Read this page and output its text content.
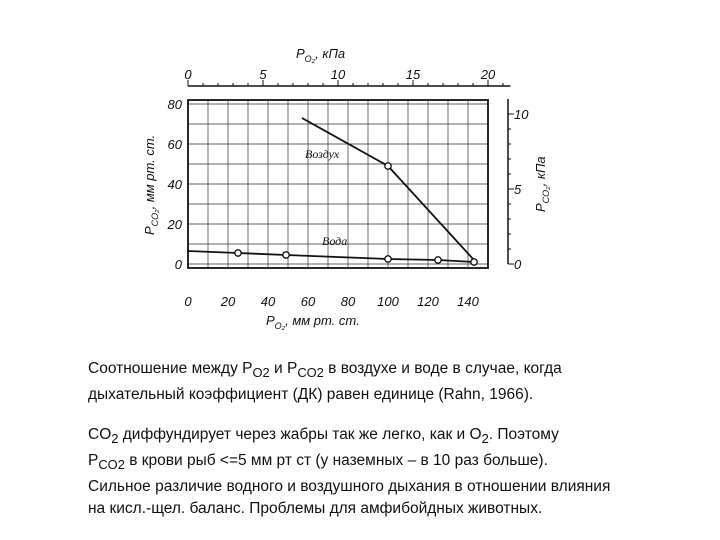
0	5	10	15	20
$P_{O_2}$, кПа
0 20 40 60 80 100 120 140
$P_{O_2}$, мм рт. ст.
0
20
40
60
80
$P_{CO_2}$, мм рт. ст.
0
5
10
$P_{CO_2}$, кПа
Воздух
Вода

Соотношение между $P_{O2}$ и $P_{CO2}$ в воздухе и воде в случае, когда
дыхательный коэффициент (ДК) равен единице (Rahn, 1966).

$CO_2$ диффундирует через жабры так же легко, как и $O_2$. Поэтому
$P_{CO2}$ в крови рыб <=5 мм рт ст (у наземных – в 10 раз больше).
Сильное различие водного и воздушного дыхания в отношении влияния
на кисл.-щел. баланс. Проблемы для амфибойдных животных.
